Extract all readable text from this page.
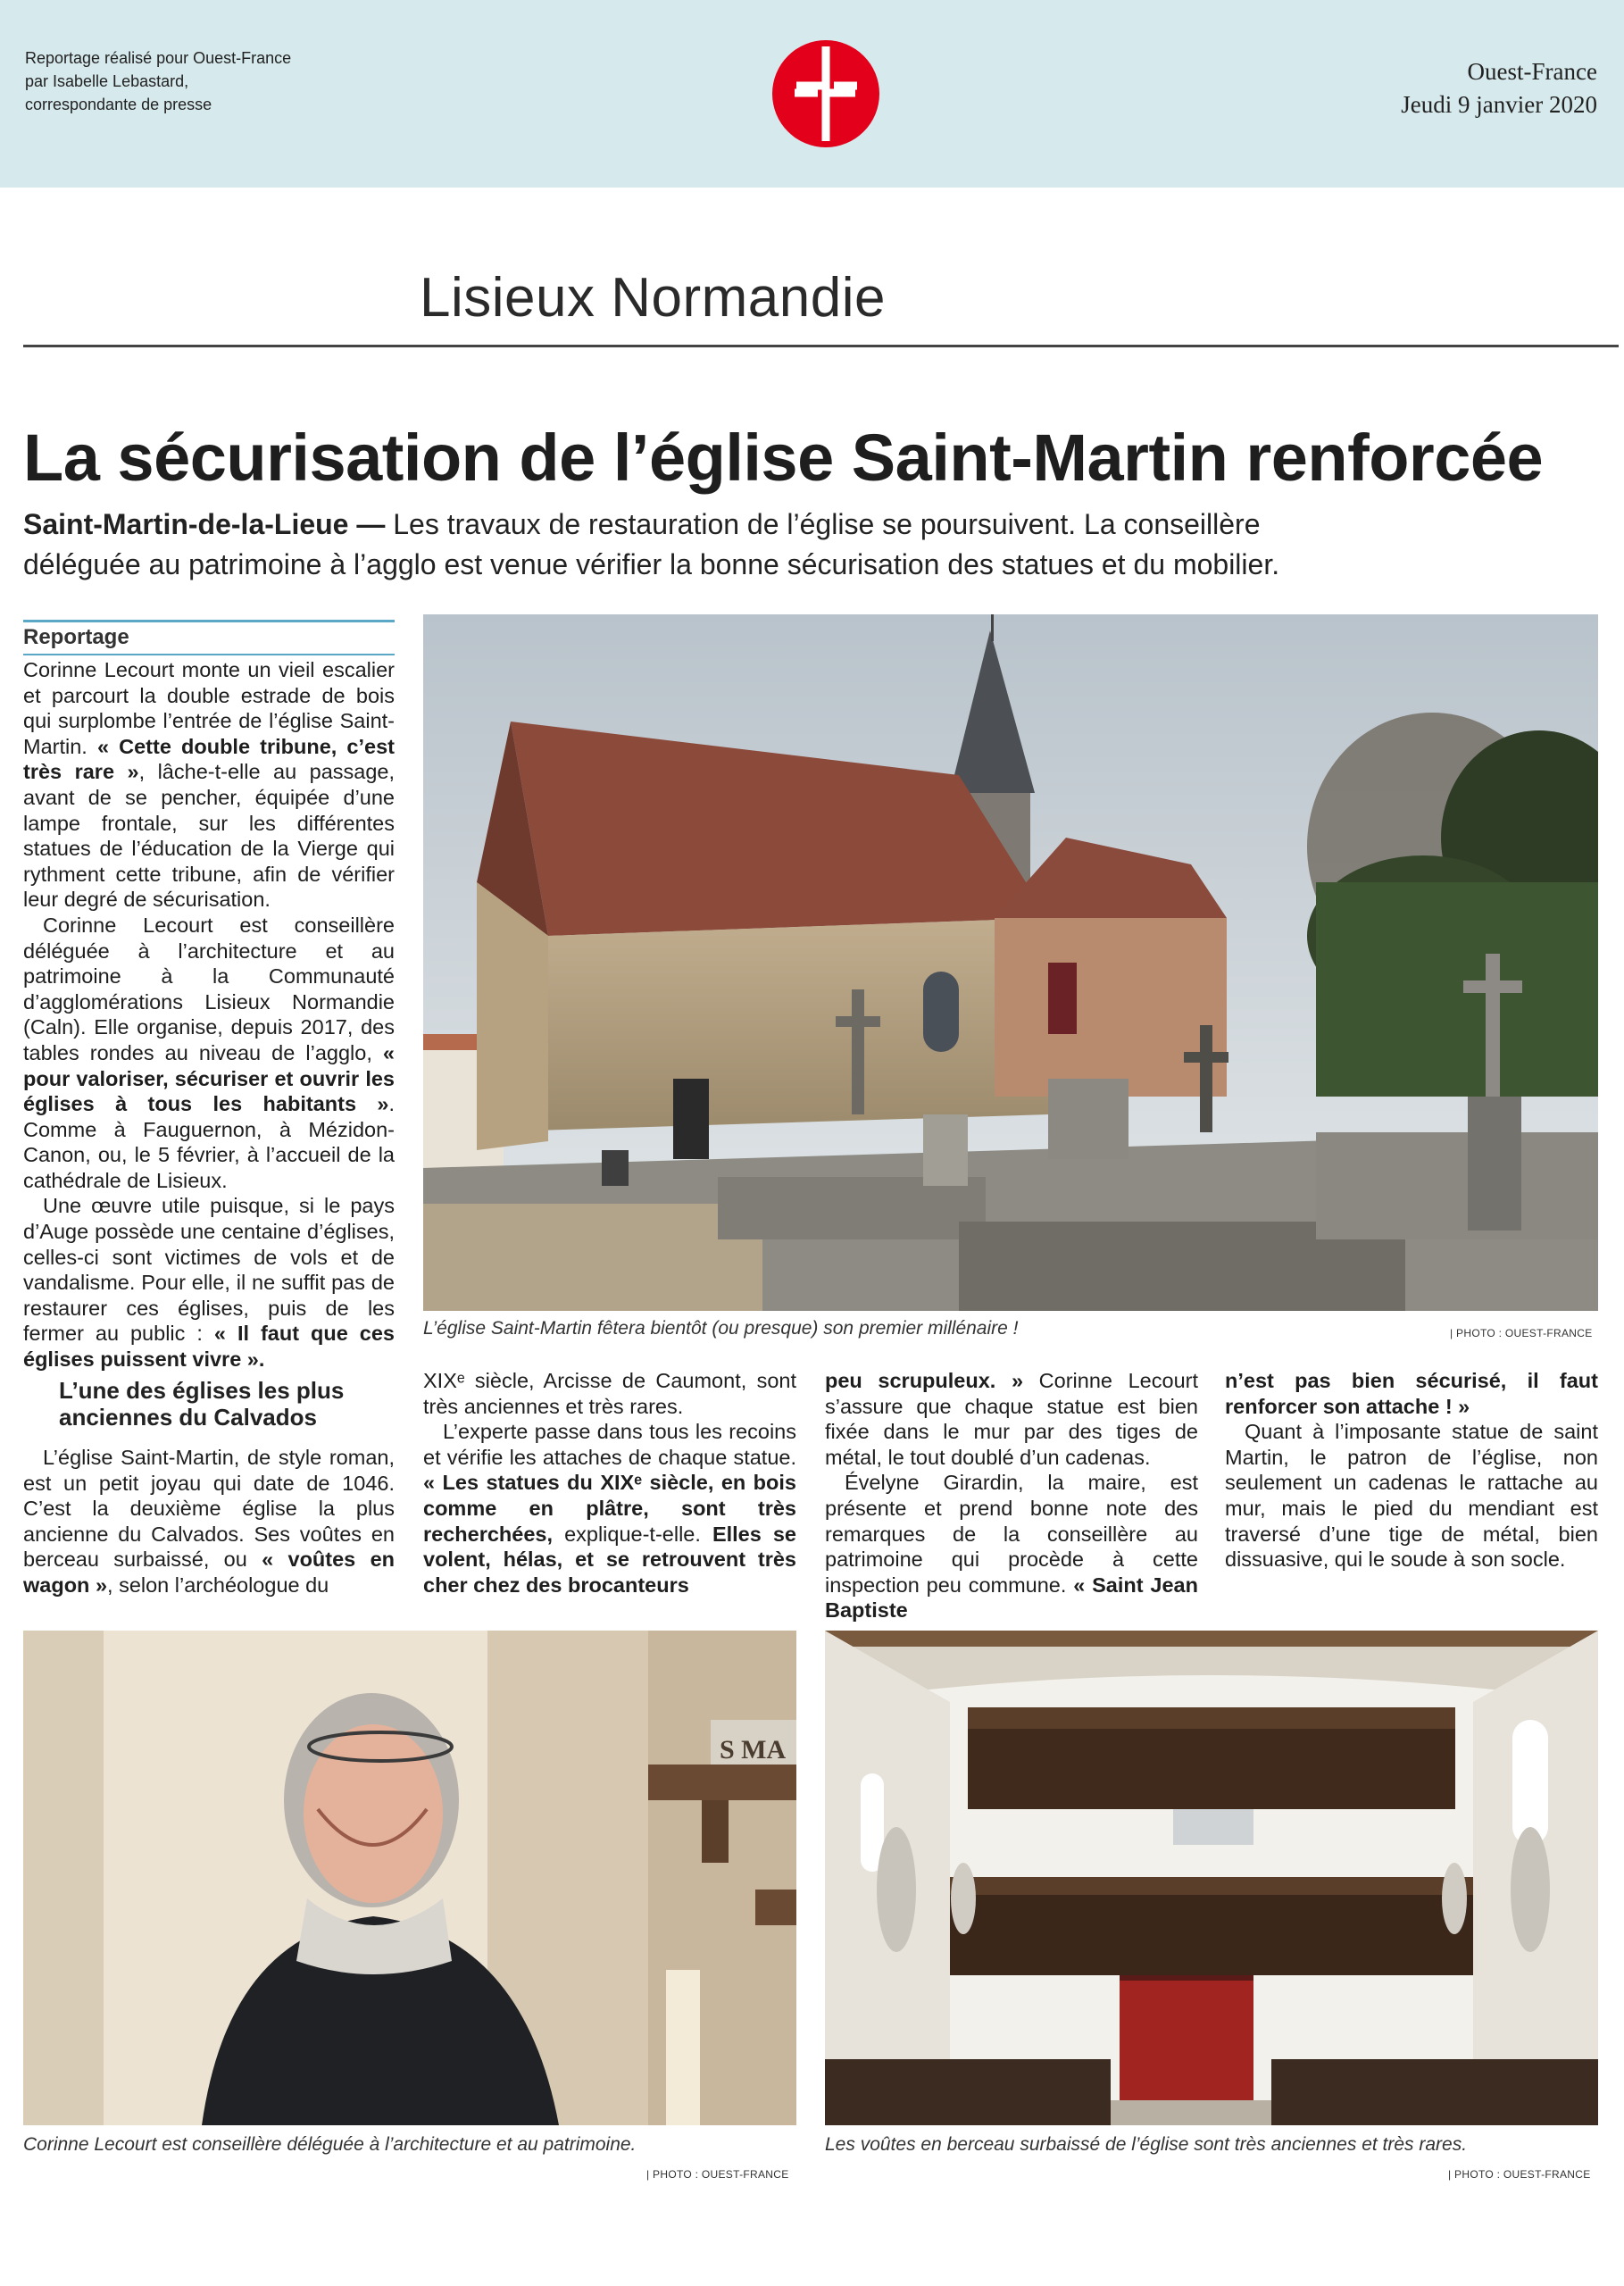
Reportage réalisé pour Ouest-France
par Isabelle Lebastard,
correspondante de presse
Ouest-France
Jeudi 9 janvier 2020
Lisieux Normandie
La sécurisation de l’église Saint-Martin renforcée
Saint-Martin-de-la-Lieue — Les travaux de restauration de l’église se poursuivent. La conseillère déléguée au patrimoine à l’agglo est venue vérifier la bonne sécurisation des statues et du mobilier.
Reportage

Corinne Lecourt monte un vieil escalier et parcourt la double estrade de bois qui surplombe l’entrée de l’église Saint-Martin. « Cette double tribune, c’est très rare », lâche-t-elle au passage, avant de se pencher, équipée d’une lampe frontale, sur les différentes statues de l’éducation de la Vierge qui rythment cette tribune, afin de vérifier leur degré de sécurisation.

Corinne Lecourt est conseillère déléguée à l’architecture et au patrimoine à la Communauté d’agglomérations Lisieux Normandie (Caln). Elle organise, depuis 2017, des tables rondes au niveau de l’agglo, « pour valoriser, sécuriser et ouvrir les églises à tous les habitants ». Comme à Fauguernon, à Mézidon-Canon, ou, le 5 février, à l’accueil de la cathédrale de Lisieux.

Une œuvre utile puisque, si le pays d’Auge possède une centaine d’églises, celles-ci sont victimes de vols et de vandalisme. Pour elle, il ne suffit pas de restaurer ces églises, puis de les fermer au public : « Il faut que ces églises puissent vivre ».

L’une des églises les plus anciennes du Calvados

L’église Saint-Martin, de style roman, est un petit joyau qui date de 1046. C’est la deuxième église la plus ancienne du Calvados. Ses voûtes en berceau surbaissé, ou « voûtes en wagon », selon l’archéologue du

XIXᵉ siècle, Arcisse de Caumont, sont très anciennes et très rares.

L’experte passe dans tous les recoins et vérifie les attaches de chaque statue. « Les statues du XIXᵉ siècle, en bois comme en plâtre, sont très recherchées, explique-t-elle. Elles se volent, hélas, et se retrouvent très cher chez des brocanteurs

peu scrupuleux. » Corinne Lecourt s’assure que chaque statue est bien fixée dans le mur par des tiges de métal, le tout doublé d’un cadenas.

Évelyne Girardin, la maire, est présente et prend bonne note des remarques de la conseillère au patrimoine qui procède à cette inspection peu commune. « Saint Jean Baptiste

n’est pas bien sécurisé, il faut renforcer son attache ! »

Quant à l’imposante statue de saint Martin, le patron de l’église, non seulement un cadenas le rattache au mur, mais le pied du mendiant est traversé d’une tige de métal, bien dissuasive, qui le soude à son socle.

L’église Saint-Martin fêtera bientôt (ou presque) son premier millénaire !	| PHOTO : OUEST-FRANCE
S MA
Corinne Lecourt est conseillère déléguée à l’architecture et au patrimoine.
| PHOTO : OUEST-FRANCE
Les voûtes en berceau surbaissé de l’église sont très anciennes et très rares.
| PHOTO : OUEST-FRANCE
